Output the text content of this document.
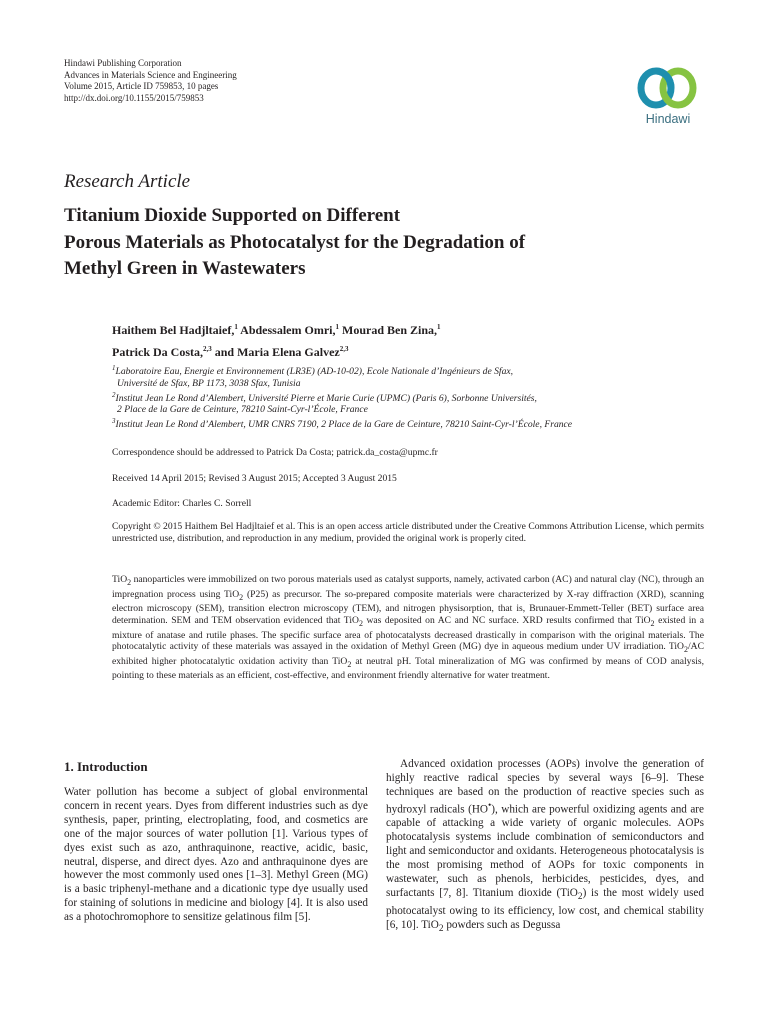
Hindawi Publishing Corporation
Advances in Materials Science and Engineering
Volume 2015, Article ID 759853, 10 pages
http://dx.doi.org/10.1155/2015/759853
Hindawi
Research Article
Titanium Dioxide Supported on Different
Porous Materials as Photocatalyst for the Degradation of
Methyl Green in Wastewaters
Haithem Bel Hadjltaief,$^1$ Abdessalem Omri,$^1$ Mourad Ben Zina,$^1$
Patrick Da Costa,$^{2,3}$ and Maria Elena Galvez$^{2,3}$
$^1$Laboratoire Eau, Energie et Environnement (LR3E) (AD-10-02), Ecole Nationale d’Ingénieurs de Sfax,
Université de Sfax, BP 1173, 3038 Sfax, Tunisia
$^2$Institut Jean Le Rond d’Alembert, Université Pierre et Marie Curie (UPMC) (Paris 6), Sorbonne Universités,
2 Place de la Gare de Ceinture, 78210 Saint-Cyr-l’École, France
$^3$Institut Jean Le Rond d’Alembert, UMR CNRS 7190, 2 Place de la Gare de Ceinture, 78210 Saint-Cyr-l’École, France
Correspondence should be addressed to Patrick Da Costa; patrick.da_costa@upmc.fr
Received 14 April 2015; Revised 3 August 2015; Accepted 3 August 2015
Academic Editor: Charles C. Sorrell
Copyright © 2015 Haithem Bel Hadjltaief et al. This is an open access article distributed under the Creative Commons Attribution License, which permits unrestricted use, distribution, and reproduction in any medium, provided the original work is properly cited.
TiO$_2$ nanoparticles were immobilized on two porous materials used as catalyst supports, namely, activated carbon (AC) and natural clay (NC), through an impregnation process using TiO$_2$ (P25) as precursor. The so-prepared composite materials were characterized by X-ray diffraction (XRD), scanning electron microscopy (SEM), transition electron microscopy (TEM), and nitrogen physisorption, that is, Brunauer-Emmett-Teller (BET) surface area determination. SEM and TEM observation evidenced that TiO$_2$ was deposited on AC and NC surface. XRD results confirmed that TiO$_2$ existed in a mixture of anatase and rutile phases. The specific surface area of photocatalysts decreased drastically in comparison with the original materials. The photocatalytic activity of these materials was assayed in the oxidation of Methyl Green (MG) dye in aqueous medium under UV irradiation. TiO$_2$/AC exhibited higher photocatalytic oxidation activity than TiO$_2$ at neutral pH. Total mineralization of MG was confirmed by means of COD analysis, pointing to these materials as an efficient, cost-effective, and environment friendly alternative for water treatment.
1. Introduction
Water pollution has become a subject of global environmental concern in recent years. Dyes from different industries such as dye synthesis, paper, printing, electroplating, food, and cosmetics are one of the major sources of water pollution [1]. Various types of dyes exist such as azo, anthraquinone, reactive, acidic, basic, neutral, disperse, and direct dyes. Azo and anthraquinone dyes are however the most commonly used ones [1–3]. Methyl Green (MG) is a basic triphenyl-methane and a dicationic type dye usually used for staining of solutions in medicine and biology [4]. It is also used as a photochromophore to sensitize gelatinous film [5].
Advanced oxidation processes (AOPs) involve the generation of highly reactive radical species by several ways [6–9]. These techniques are based on the production of reactive species such as hydroxyl radicals (HO•), which are powerful oxidizing agents and are capable of attacking a wide variety of organic molecules. AOPs photocatalysis systems include combination of semiconductors and light and semiconductor and oxidants. Heterogeneous photocatalysis is the most promising method of AOPs for toxic components in wastewater, such as phenols, herbicides, pesticides, dyes, and surfactants [7, 8]. Titanium dioxide (TiO$_2$) is the most widely used photocatalyst owing to its efficiency, low cost, and chemical stability [6, 10]. TiO$_2$ powders such as Degussa
